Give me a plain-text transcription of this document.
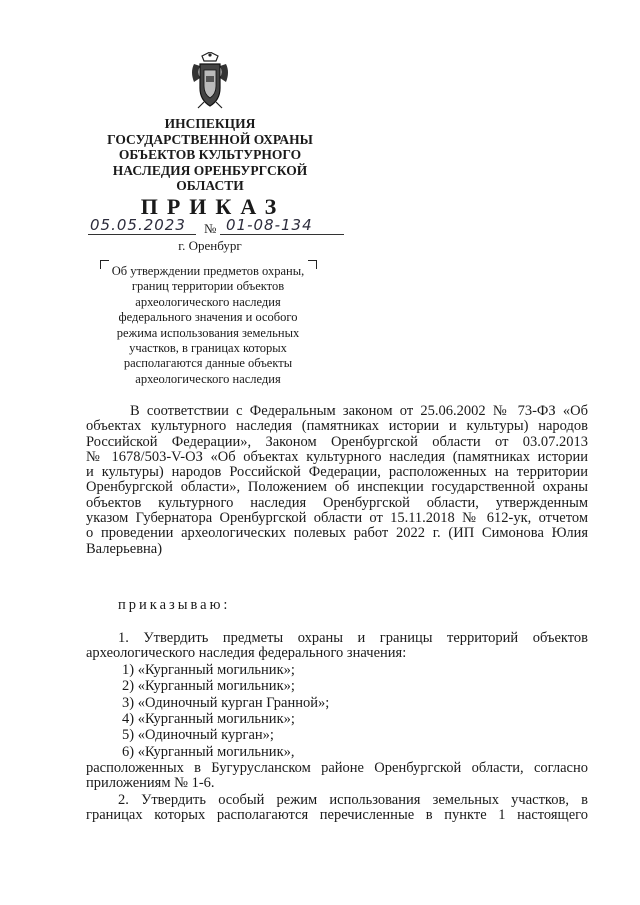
ИНСПЕКЦИЯ
ГОСУДАРСТВЕННОЙ ОХРАНЫ
ОБЪЕКТОВ КУЛЬТУРНОГО
НАСЛЕДИЯ ОРЕНБУРГСКОЙ
ОБЛАСТИ
ПРИКАЗ
05.05.2023 № 01-08-134
г. Оренбург
Об утверждении предметов охраны,
границ территории объектов
археологического наследия
федерального значения и особого
режима использования земельных
участков, в границах которых
располагаются данные объекты
археологического наследия
В соответствии с Федеральным законом от 25.06.2002 № 73-ФЗ «Об
объектах культурного наследия (памятниках истории и культуры) народов
Российской Федерации», Законом Оренбургской области от 03.07.2013
№ 1678/503-V-ОЗ «Об объектах культурного наследия (памятниках истории
и культуры) народов Российской Федерации, расположенных на территории
Оренбургской области», Положением об инспекции государственной охраны
объектов культурного наследия Оренбургской области, утвержденным
указом Губернатора Оренбургской области от 15.11.2018 № 612-ук, отчетом
о проведении археологических полевых работ 2022 г. (ИП Симонова Юлия
Валерьевна)
приказываю:
1. Утвердить предметы охраны и границы территорий объектов
археологического наследия федерального значения:
1) «Курганный могильник»;
2) «Курганный могильник»;
3) «Одиночный курган Гранной»;
4) «Курганный могильник»;
5) «Одиночный курган»;
6) «Курганный могильник»,
расположенных в Бугурусланском районе Оренбургской области, согласно
приложениям № 1-6.
2. Утвердить особый режим использования земельных участков, в
границах которых располагаются перечисленные в пункте 1 настоящего
